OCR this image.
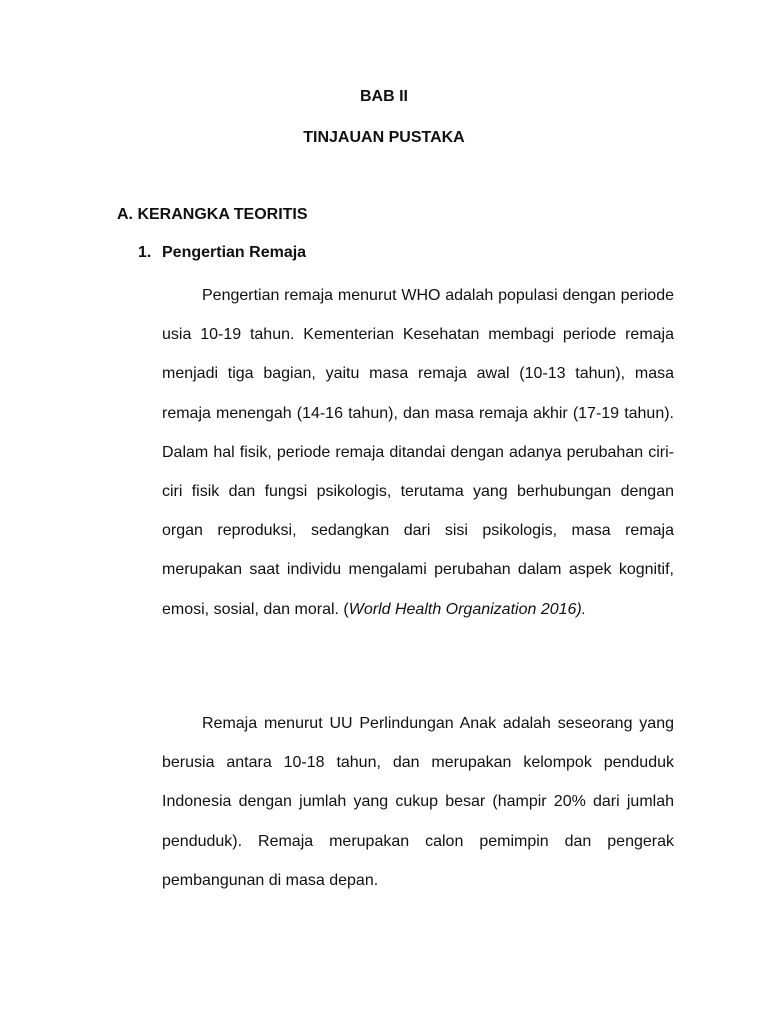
BAB II
TINJAUAN PUSTAKA
A. KERANGKA TEORITIS
1. Pengertian Remaja

Pengertian remaja menurut WHO adalah populasi dengan periode usia 10-19 tahun. Kementerian Kesehatan membagi periode remaja menjadi tiga bagian, yaitu masa remaja awal (10-13 tahun), masa remaja menengah (14-16 tahun), dan masa remaja akhir (17-19 tahun). Dalam hal fisik, periode remaja ditandai dengan adanya perubahan ciri-ciri fisik dan fungsi psikologis, terutama yang berhubungan dengan organ reproduksi, sedangkan dari sisi psikologis, masa remaja merupakan saat individu mengalami perubahan dalam aspek kognitif, emosi, sosial, dan moral. (World Health Organization 2016).

Remaja menurut UU Perlindungan Anak adalah seseorang yang berusia antara 10-18 tahun, dan merupakan kelompok penduduk Indonesia dengan jumlah yang cukup besar (hampir 20% dari jumlah penduduk). Remaja merupakan calon pemimpin dan pengerak pembangunan di masa depan.
